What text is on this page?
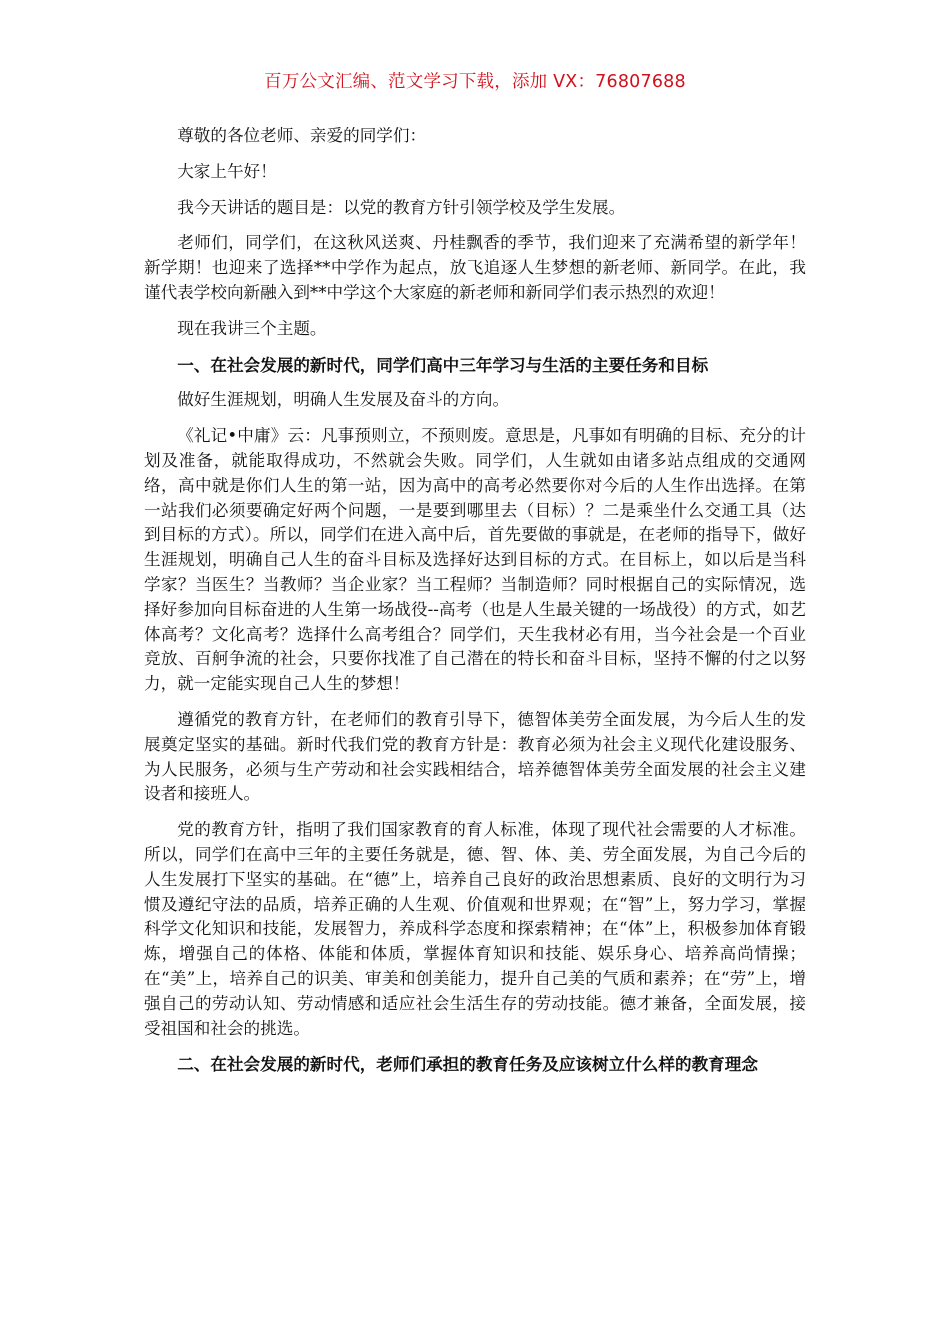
百万公文汇编、范文学习下载，添加 VX：76807688

尊敬的各位老师、亲爱的同学们：

大家上午好！

我今天讲话的题目是：以党的教育方针引领学校及学生发展。

老师们，同学们，在这秋风送爽、丹桂飘香的季节，我们迎来了充满希望的新学年！新学期！也迎来了选择**中学作为起点，放飞追逐人生梦想的新老师、新同学。在此，我谨代表学校向新融入到**中学这个大家庭的新老师和新同学们表示热烈的欢迎！

现在我讲三个主题。

一、在社会发展的新时代，同学们高中三年学习与生活的主要任务和目标

做好生涯规划，明确人生发展及奋斗的方向。

《礼记•中庸》云：凡事预则立，不预则废。意思是，凡事如有明确的目标、充分的计划及准备，就能取得成功，不然就会失败。同学们，人生就如由诸多站点组成的交通网络，高中就是你们人生的第一站，因为高中的高考必然要你对今后的人生作出选择。在第一站我们必须要确定好两个问题，一是要到哪里去（目标）？二是乘坐什么交通工具（达到目标的方式）。所以，同学们在进入高中后，首先要做的事就是，在老师的指导下，做好生涯规划，明确自己人生的奋斗目标及选择好达到目标的方式。在目标上，如以后是当科学家？当医生？当教师？当企业家？当工程师？当制造师？同时根据自己的实际情况，选择好参加向目标奋进的人生第一场战役--高考（也是人生最关键的一场战役）的方式，如艺体高考？文化高考？选择什么高考组合？同学们，天生我材必有用，当今社会是一个百业竞放、百舸争流的社会，只要你找准了自己潜在的特长和奋斗目标，坚持不懈的付之以努力，就一定能实现自己人生的梦想！

遵循党的教育方针，在老师们的教育引导下，德智体美劳全面发展，为今后人生的发展奠定坚实的基础。新时代我们党的教育方针是：教育必须为社会主义现代化建设服务、为人民服务，必须与生产劳动和社会实践相结合，培养德智体美劳全面发展的社会主义建设者和接班人。

党的教育方针，指明了我们国家教育的育人标准，体现了现代社会需要的人才标准。所以，同学们在高中三年的主要任务就是，德、智、体、美、劳全面发展，为自己今后的人生发展打下坚实的基础。在“德”上，培养自己良好的政治思想素质、良好的文明行为习惯及遵纪守法的品质，培养正确的人生观、价值观和世界观；在“智”上，努力学习，掌握科学文化知识和技能，发展智力，养成科学态度和探索精神；在“体”上，积极参加体育锻炼，增强自己的体格、体能和体质，掌握体育知识和技能、娱乐身心、培养高尚情操；在“美”上，培养自己的识美、审美和创美能力，提升自己美的气质和素养；在“劳”上，增强自己的劳动认知、劳动情感和适应社会生活生存的劳动技能。德才兼备，全面发展，接受祖国和社会的挑选。

二、在社会发展的新时代，老师们承担的教育任务及应该树立什么样的教育理念
